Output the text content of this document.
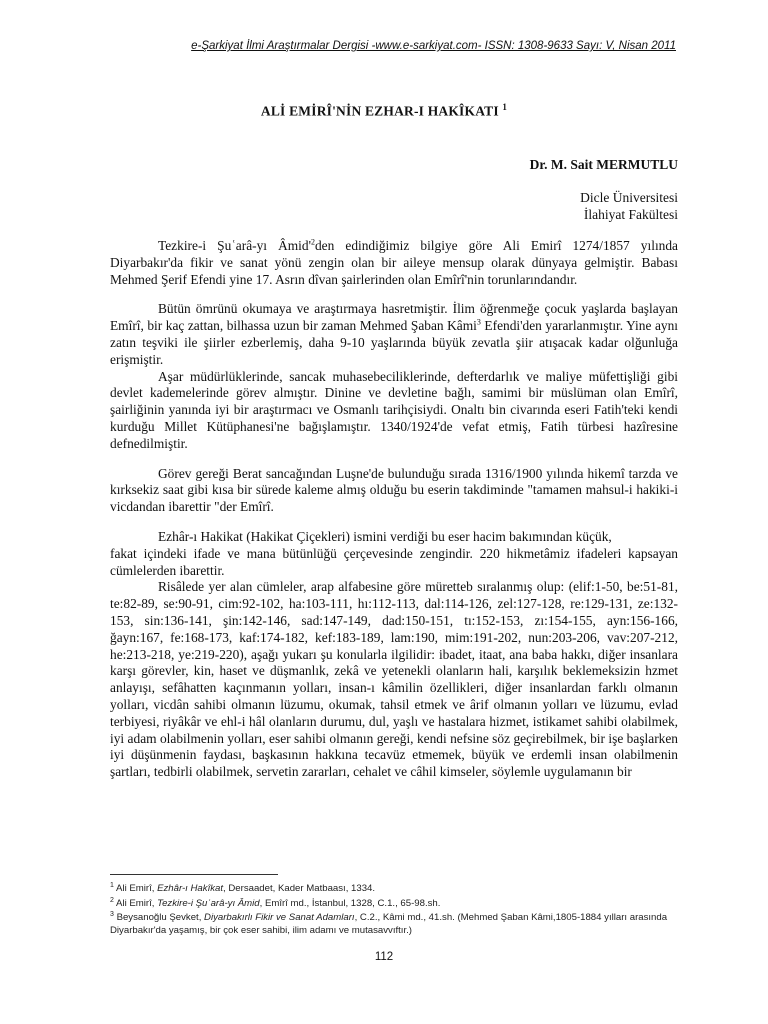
e-Şarkiyat İlmi Araştırmalar Dergisi -www.e-sarkiyat.com- ISSN: 1308-9633 Sayı: V, Nisan 2011
ALİ EMİRÎ'NİN EZHAR-I HAKÎKATI $^1$
Dr. M. Sait MERMUTLU
Dicle Üniversitesi
İlahiyat Fakültesi

Tezkire-i Şuʿarâ-yı $Âmid'^2den$ edindiğimiz bilgiye göre Ali Emirî 1274/1857 yılında Diyarbakır'da fikir ve sanat yönü zengin olan bir aileye mensup olarak dünyaya gelmiştir. Babası Mehmed Şerif Efendi yine 17. Asrın dîvan şairlerinden olan Emîrî'nin torunlarındandır.

Bütün ömrünü okumaya ve araştırmaya hasretmiştir. İlim öğrenmeğe çocuk yaşlarda başlayan Emîrî, bir kaç zattan, bilhassa uzun bir zaman Mehmed Şaban Kâmi$^3$ Efendi'den yararlanmıştır. Yine aynı zatın teşviki ile şiirler ezberlemiş, daha 9-10 yaşlarında büyük zevatla şiir atışacak kadar olğunluğa erişmiştir.

Aşar müdürlüklerinde, sancak muhasebeciliklerinde, defterdarlık ve maliye müfettişliği gibi devlet kademelerinde görev almıştır. Dinine ve devletine bağlı, samimi bir müslüman olan Emîrî, şairliğinin yanında iyi bir araştırmacı ve Osmanlı tarihçisiydi. Onaltı bin civarında eseri Fatih'teki kendi kurduğu Millet Kütüphanesi'ne bağışlamıştır. 1340/1924'de vefat etmiş, Fatih türbesi hazîresine defnedilmiştir.

Görev gereği Berat sancağından Luşne'de bulunduğu sırada 1316/1900 yılında hikemî tarzda ve kırksekiz saat gibi kısa bir sürede kaleme almış olduğu bu eserin takdiminde "tamamen mahsul-i hakiki-i vicdandan ibarettir "der Emîrî.

Ezhâr-ı Hakikat (Hakikat Çiçekleri) ismini verdiği bu eser hacim bakımından küçük,
fakat içindeki ifade ve mana bütünlüğü çerçevesinde zengindir. 220 hikmetâmiz ifadeleri kapsayan cümlelerden ibarettir.

Risâlede yer alan cümleler, arap alfabesine göre müretteb sıralanmış olup: (elif:1-50, be:51-81, te:82-89, se:90-91, cim:92-102, ha:103-111, hı:112-113, dal:114-126, zel:127-128, re:129-131, ze:132-153, sin:136-141, şin:142-146, sad:147-149, dad:150-151, tı:152-153, zı:154-155, ayn:156-166, ğayn:167, fe:168-173, kaf:174-182, kef:183-189, lam:190, mim:191-202, nun:203-206, vav:207-212, he:213-218, ye:219-220), aşağı yukarı şu konularla ilgilidir: ibadet, itaat, ana baba hakkı, diğer insanlara karşı görevler, kin, haset ve düşmanlık, zekâ ve yetenekli olanların hali, karşılık beklemeksizin hzmet anlayışı, sefâhatten kaçınmanın yolları, insan-ı kâmilin özellikleri, diğer insanlardan farklı olmanın yolları, vicdân sahibi olmanın lüzumu, okumak, tahsil etmek ve ârif olmanın yolları ve lüzumu, evlad terbiyesi, riyâkâr ve ehl-i hâl olanların durumu, dul, yaşlı ve hastalara hizmet, istikamet sahibi olabilmek, iyi adam olabilmenin yolları, eser sahibi olmanın gereği, kendi nefsine söz geçirebilmek, bir işe başlarken iyi düşünmenin faydası, başkasının hakkına tecavüz etmemek, büyük ve erdemli insan olabilmenin şartları, tedbirli olabilmek, servetin zararları, cehalet ve câhil kimseler, söylemle uygulamanın bir

$^1$ Ali Emirî, Ezhâr-ı Hakîkat, Dersaadet, Kader Matbaası, 1334.
$^2$ Ali Emirî, Tezkire-i Şuʿarâ-yı Âmid, Emîrî md., İstanbul, 1328, C.1., 65-98.sh.
$^3$ Beysanoğlu Şevket, Diyarbakırlı Fikir ve Sanat Adamları, C.2., Kâmi md., 41.sh. (Mehmed Şaban Kâmi,1805-1884 yılları arasında Diyarbakır'da yaşamış, bir çok eser sahibi, ilim adamı ve mutasavvıftır.)
112
